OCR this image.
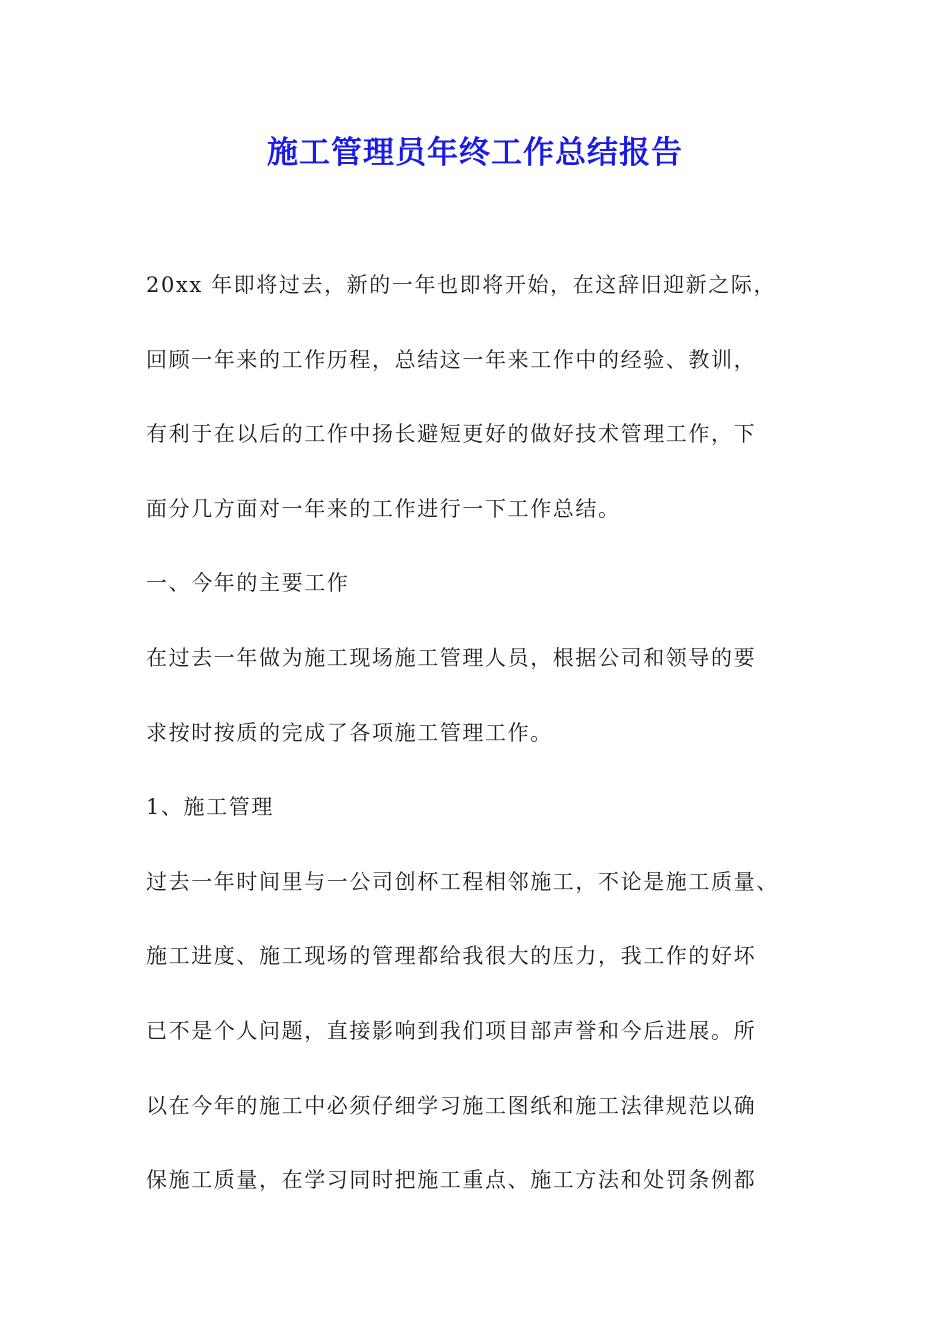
施工管理员年终工作总结报告
20xx 年即将过去，新的一年也即将开始，在这辞旧迎新之际，
回顾一年来的工作历程，总结这一年来工作中的经验、教训，
有利于在以后的工作中扬长避短更好的做好技术管理工作，下
面分几方面对一年来的工作进行一下工作总结。
一、今年的主要工作
在过去一年做为施工现场施工管理人员，根据公司和领导的要
求按时按质的完成了各项施工管理工作。
1、施工管理
过去一年时间里与一公司创杯工程相邻施工，不论是施工质量、
施工进度、施工现场的管理都给我很大的压力，我工作的好坏
已不是个人问题，直接影响到我们项目部声誉和今后进展。所
以在今年的施工中必须仔细学习施工图纸和施工法律规范以确
保施工质量，在学习同时把施工重点、施工方法和处罚条例都
